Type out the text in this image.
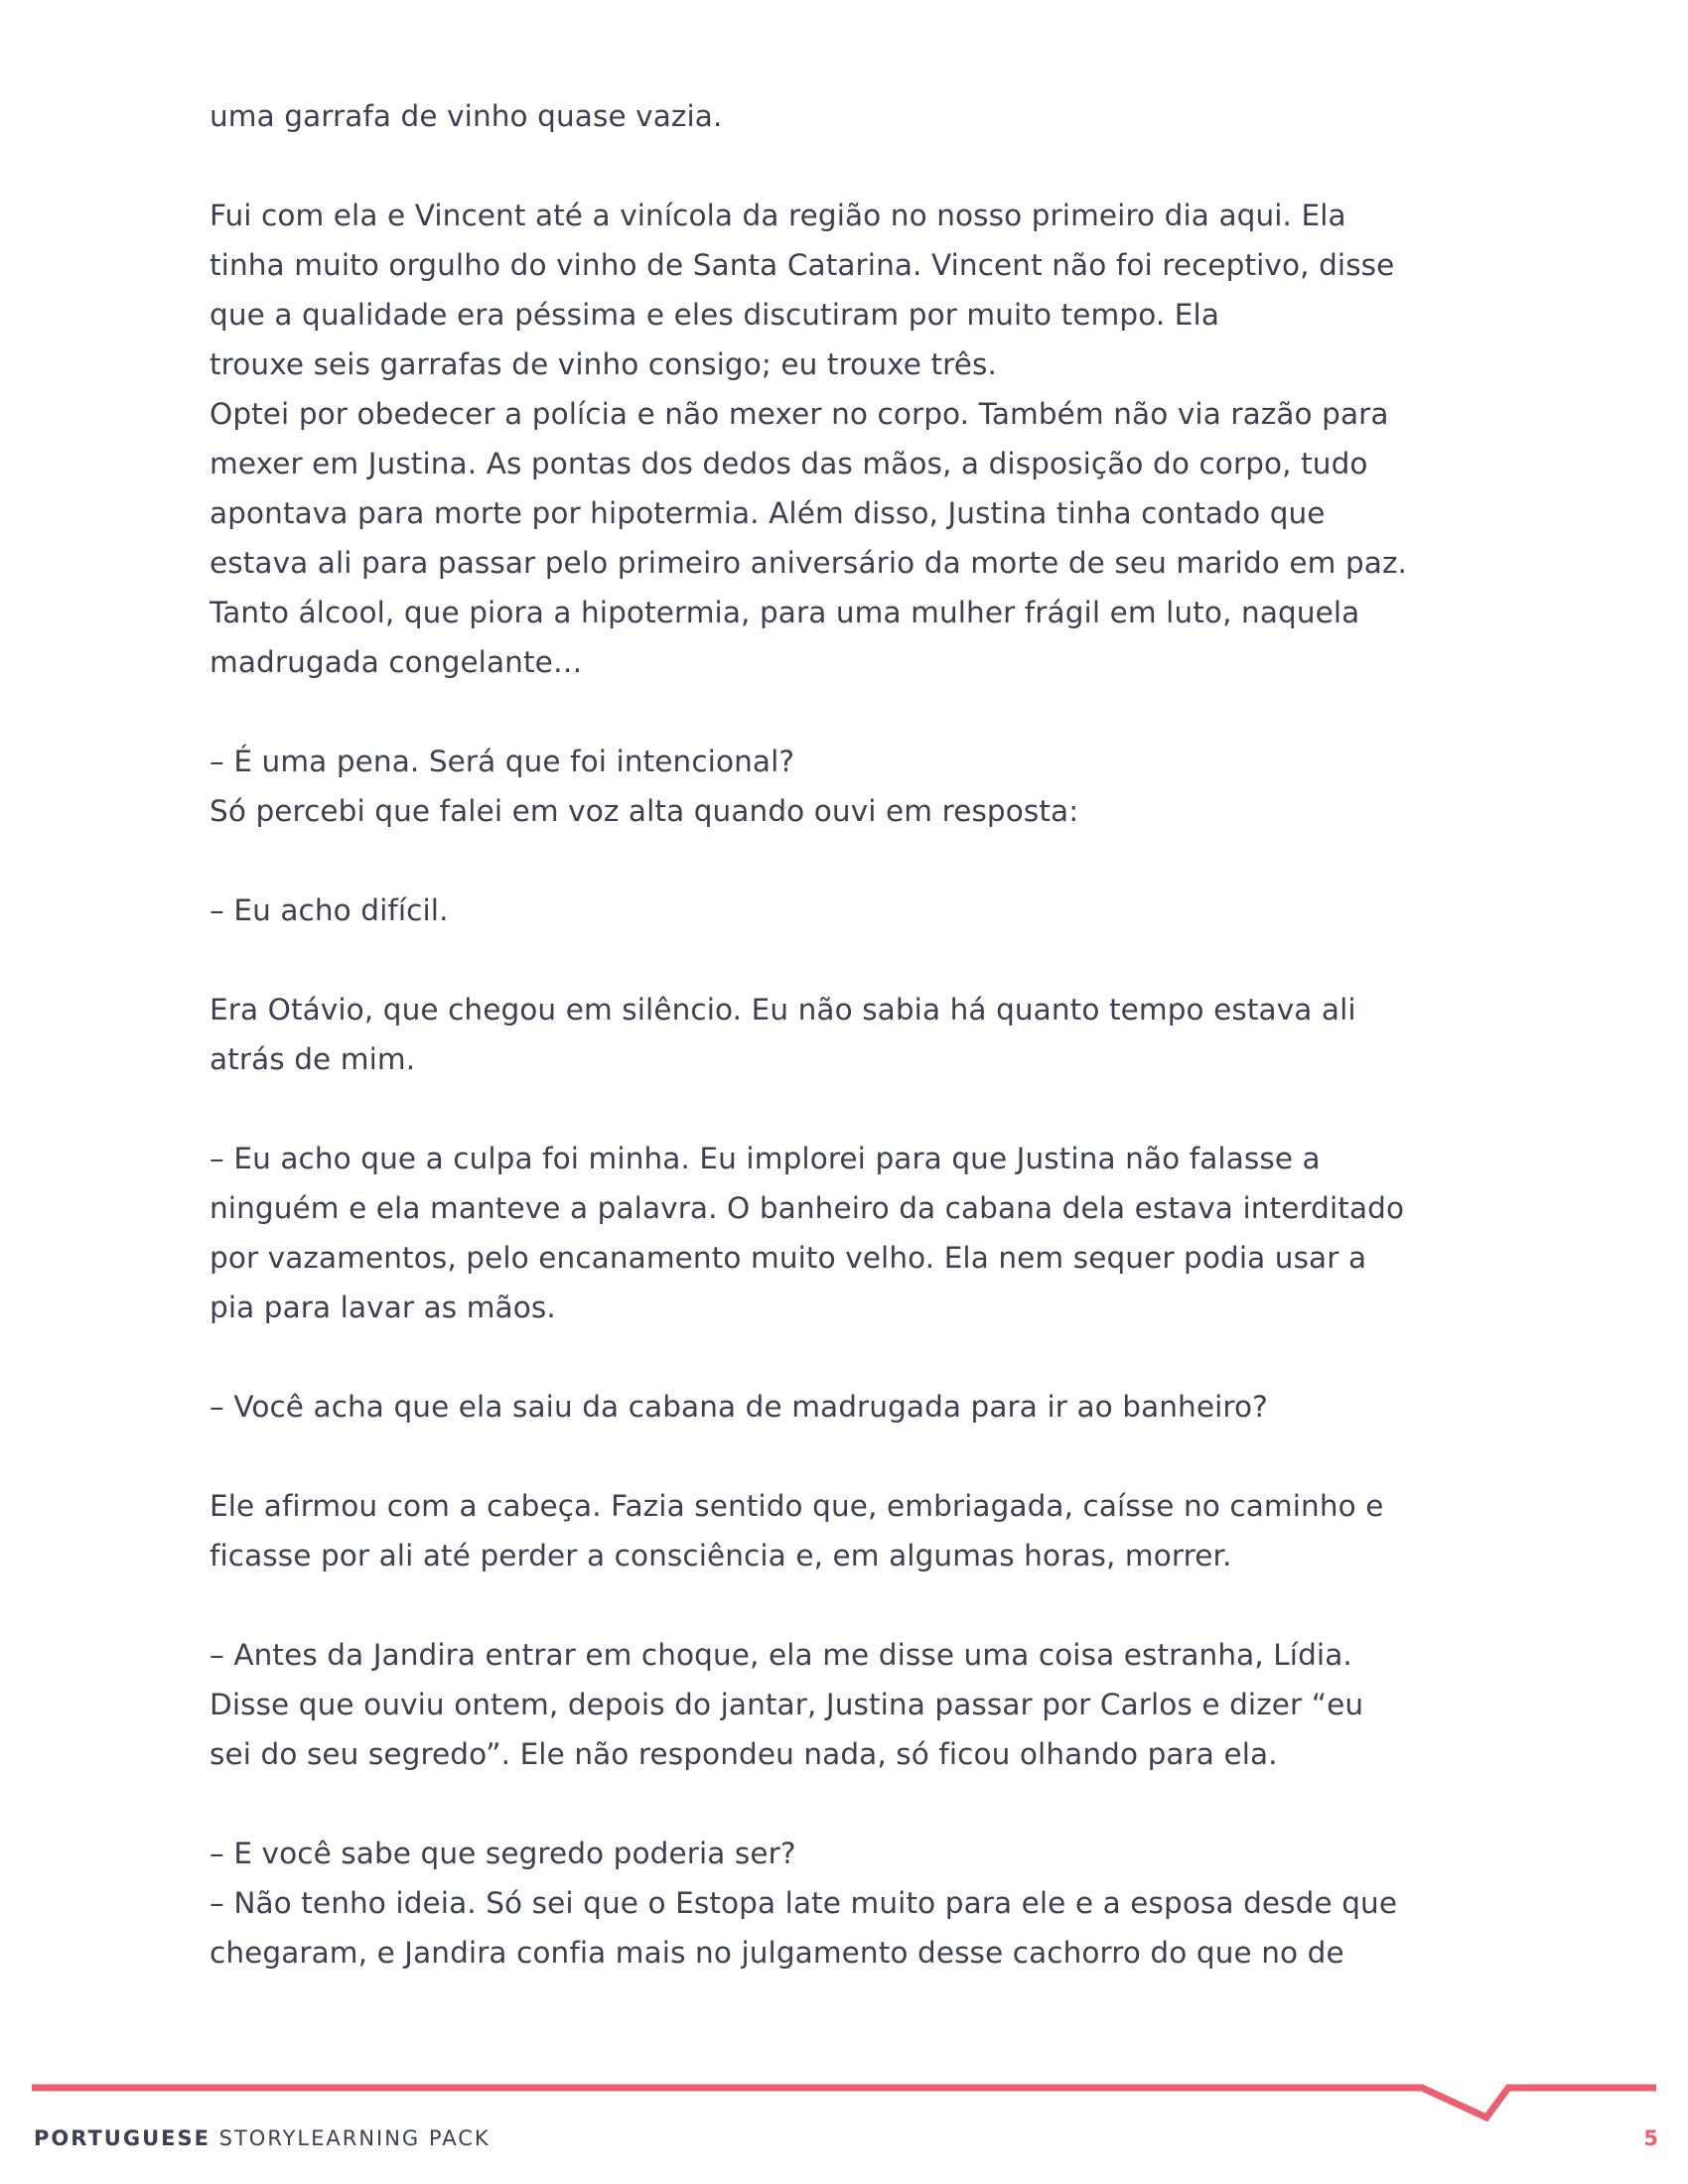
uma garrafa de vinho quase vazia.
Fui com ela e Vincent até a vinícola da região no nosso primeiro dia aqui. Ela
tinha muito orgulho do vinho de Santa Catarina. Vincent não foi receptivo, disse
que a qualidade era péssima e eles discutiram por muito tempo. Ela
trouxe seis garrafas de vinho consigo; eu trouxe três.
Optei por obedecer a polícia e não mexer no corpo. Também não via razão para
mexer em Justina. As pontas dos dedos das mãos, a disposição do corpo, tudo
apontava para morte por hipotermia. Além disso, Justina tinha contado que
estava ali para passar pelo primeiro aniversário da morte de seu marido em paz.
Tanto álcool, que piora a hipotermia, para uma mulher frágil em luto, naquela
madrugada congelante…
– É uma pena. Será que foi intencional?
Só percebi que falei em voz alta quando ouvi em resposta:
– Eu acho difícil.
Era Otávio, que chegou em silêncio. Eu não sabia há quanto tempo estava ali
atrás de mim.
– Eu acho que a culpa foi minha. Eu implorei para que Justina não falasse a
ninguém e ela manteve a palavra. O banheiro da cabana dela estava interditado
por vazamentos, pelo encanamento muito velho. Ela nem sequer podia usar a
pia para lavar as mãos.
– Você acha que ela saiu da cabana de madrugada para ir ao banheiro?
Ele afirmou com a cabeça. Fazia sentido que, embriagada, caísse no caminho e
ficasse por ali até perder a consciência e, em algumas horas, morrer.
– Antes da Jandira entrar em choque, ela me disse uma coisa estranha, Lídia.
Disse que ouviu ontem, depois do jantar, Justina passar por Carlos e dizer “eu
sei do seu segredo”. Ele não respondeu nada, só ficou olhando para ela.
– E você sabe que segredo poderia ser?
– Não tenho ideia. Só sei que o Estopa late muito para ele e a esposa desde que
chegaram, e Jandira confia mais no julgamento desse cachorro do que no de
PORTUGUESE STORYLEARNING PACK	5
